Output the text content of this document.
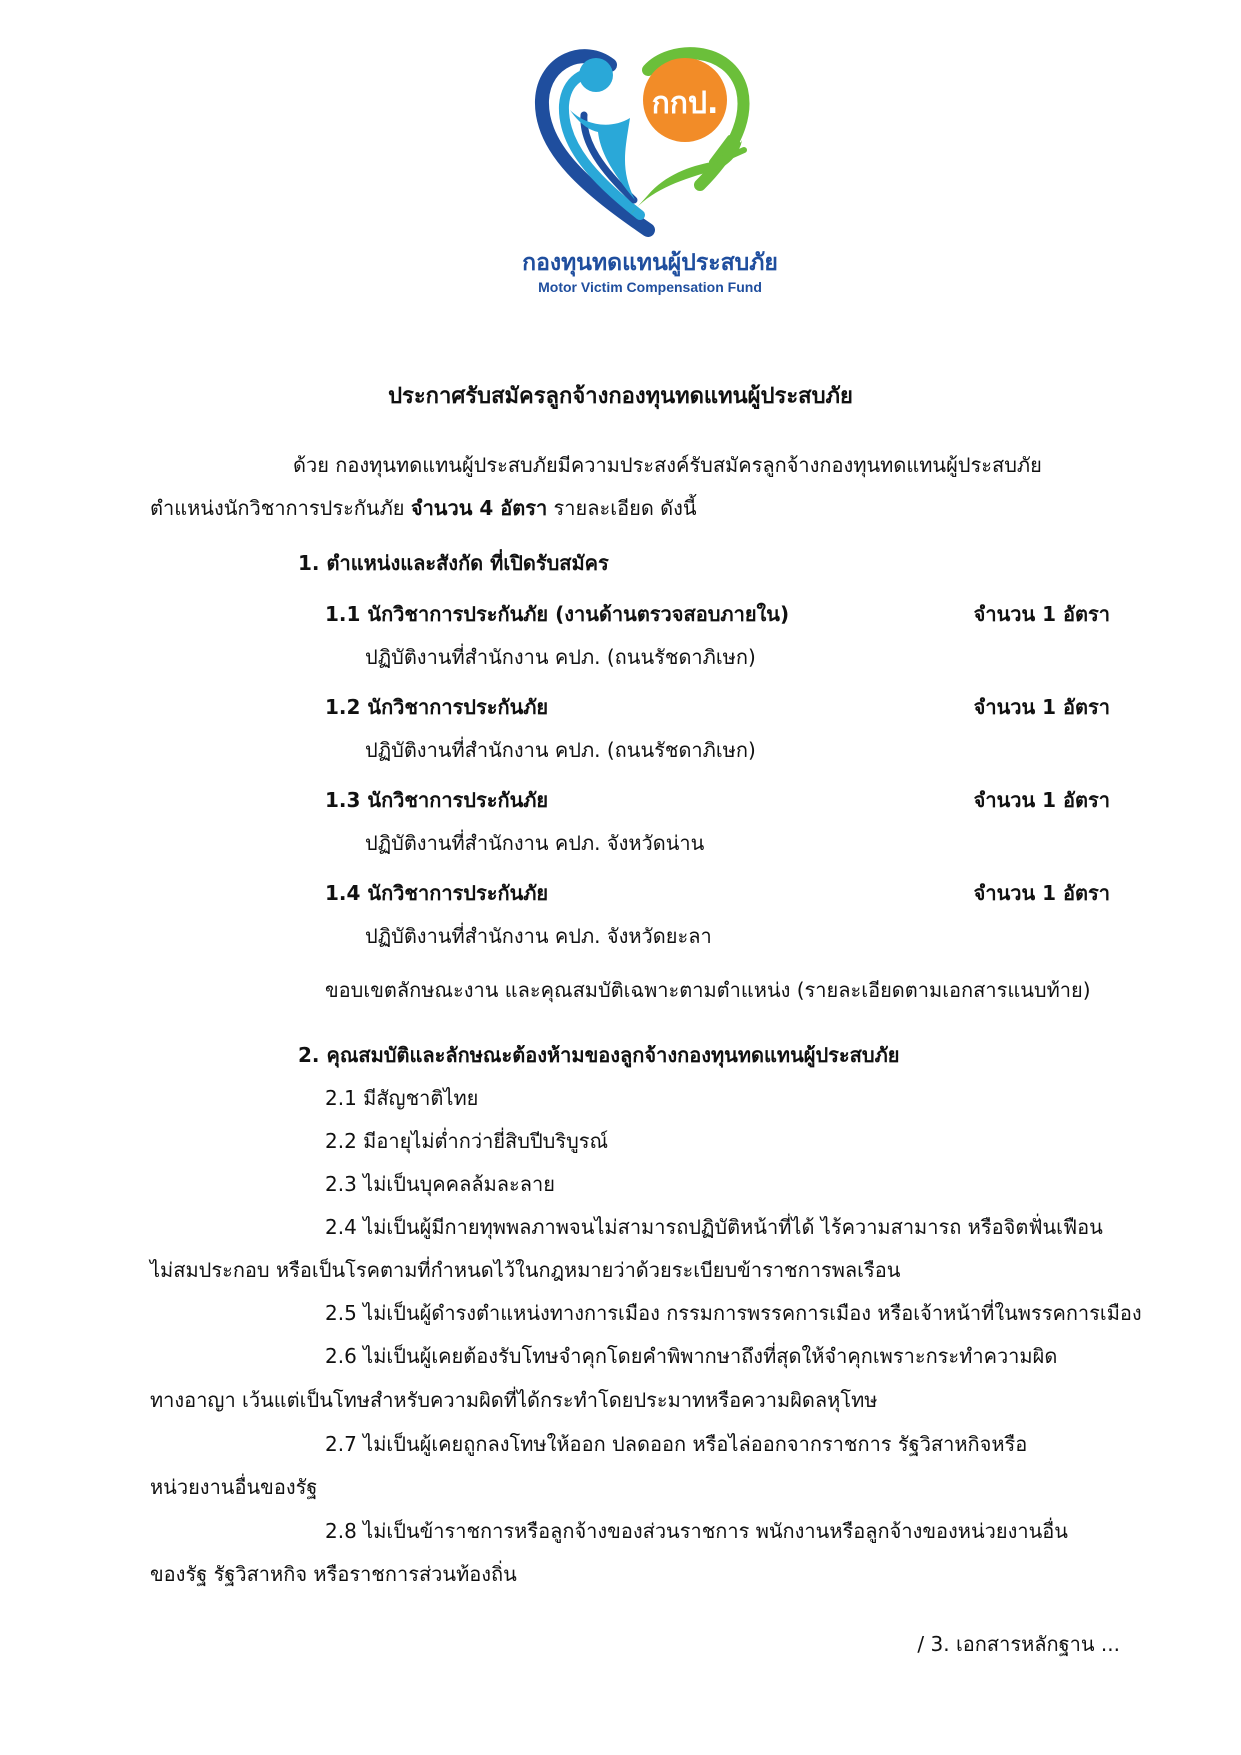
กกป.
กองทุนทดแทนผู้ประสบภัย
Motor Victim Compensation Fund
ประกาศรับสมัครลูกจ้างกองทุนทดแทนผู้ประสบภัย
ด้วย กองทุนทดแทนผู้ประสบภัยมีความประสงค์รับสมัครลูกจ้างกองทุนทดแทนผู้ประสบภัย
ตำแหน่งนักวิชาการประกันภัย จำนวน 4 อัตรา รายละเอียด ดังนี้
1. ตำแหน่งและสังกัด ที่เปิดรับสมัคร
1.1 นักวิชาการประกันภัย (งานด้านตรวจสอบภายใน)	จำนวน 1 อัตรา
ปฏิบัติงานที่สำนักงาน คปภ. (ถนนรัชดาภิเษก)
1.2 นักวิชาการประกันภัย	จำนวน 1 อัตรา
ปฏิบัติงานที่สำนักงาน คปภ. (ถนนรัชดาภิเษก)
1.3 นักวิชาการประกันภัย	จำนวน 1 อัตรา
ปฏิบัติงานที่สำนักงาน คปภ. จังหวัดน่าน
1.4 นักวิชาการประกันภัย	จำนวน 1 อัตรา
ปฏิบัติงานที่สำนักงาน คปภ. จังหวัดยะลา
ขอบเขตลักษณะงาน และคุณสมบัติเฉพาะตามตำแหน่ง (รายละเอียดตามเอกสารแนบท้าย)
2. คุณสมบัติและลักษณะต้องห้ามของลูกจ้างกองทุนทดแทนผู้ประสบภัย
2.1 มีสัญชาติไทย
2.2 มีอายุไม่ต่ำกว่ายี่สิบปีบริบูรณ์
2.3 ไม่เป็นบุคคลล้มละลาย
2.4 ไม่เป็นผู้มีกายทุพพลภาพจนไม่สามารถปฏิบัติหน้าที่ได้ ไร้ความสามารถ หรือจิตฟั่นเฟือน
ไม่สมประกอบ หรือเป็นโรคตามที่กำหนดไว้ในกฎหมายว่าด้วยระเบียบข้าราชการพลเรือน
2.5 ไม่เป็นผู้ดำรงตำแหน่งทางการเมือง กรรมการพรรคการเมือง หรือเจ้าหน้าที่ในพรรคการเมือง
2.6 ไม่เป็นผู้เคยต้องรับโทษจำคุกโดยคำพิพากษาถึงที่สุดให้จำคุกเพราะกระทำความผิด
ทางอาญา เว้นแต่เป็นโทษสำหรับความผิดที่ได้กระทำโดยประมาทหรือความผิดลหุโทษ
2.7 ไม่เป็นผู้เคยถูกลงโทษให้ออก ปลดออก หรือไล่ออกจากราชการ รัฐวิสาหกิจหรือ
หน่วยงานอื่นของรัฐ
2.8 ไม่เป็นข้าราชการหรือลูกจ้างของส่วนราชการ พนักงานหรือลูกจ้างของหน่วยงานอื่น
ของรัฐ รัฐวิสาหกิจ หรือราชการส่วนท้องถิ่น
/ 3. เอกสารหลักฐาน ...
